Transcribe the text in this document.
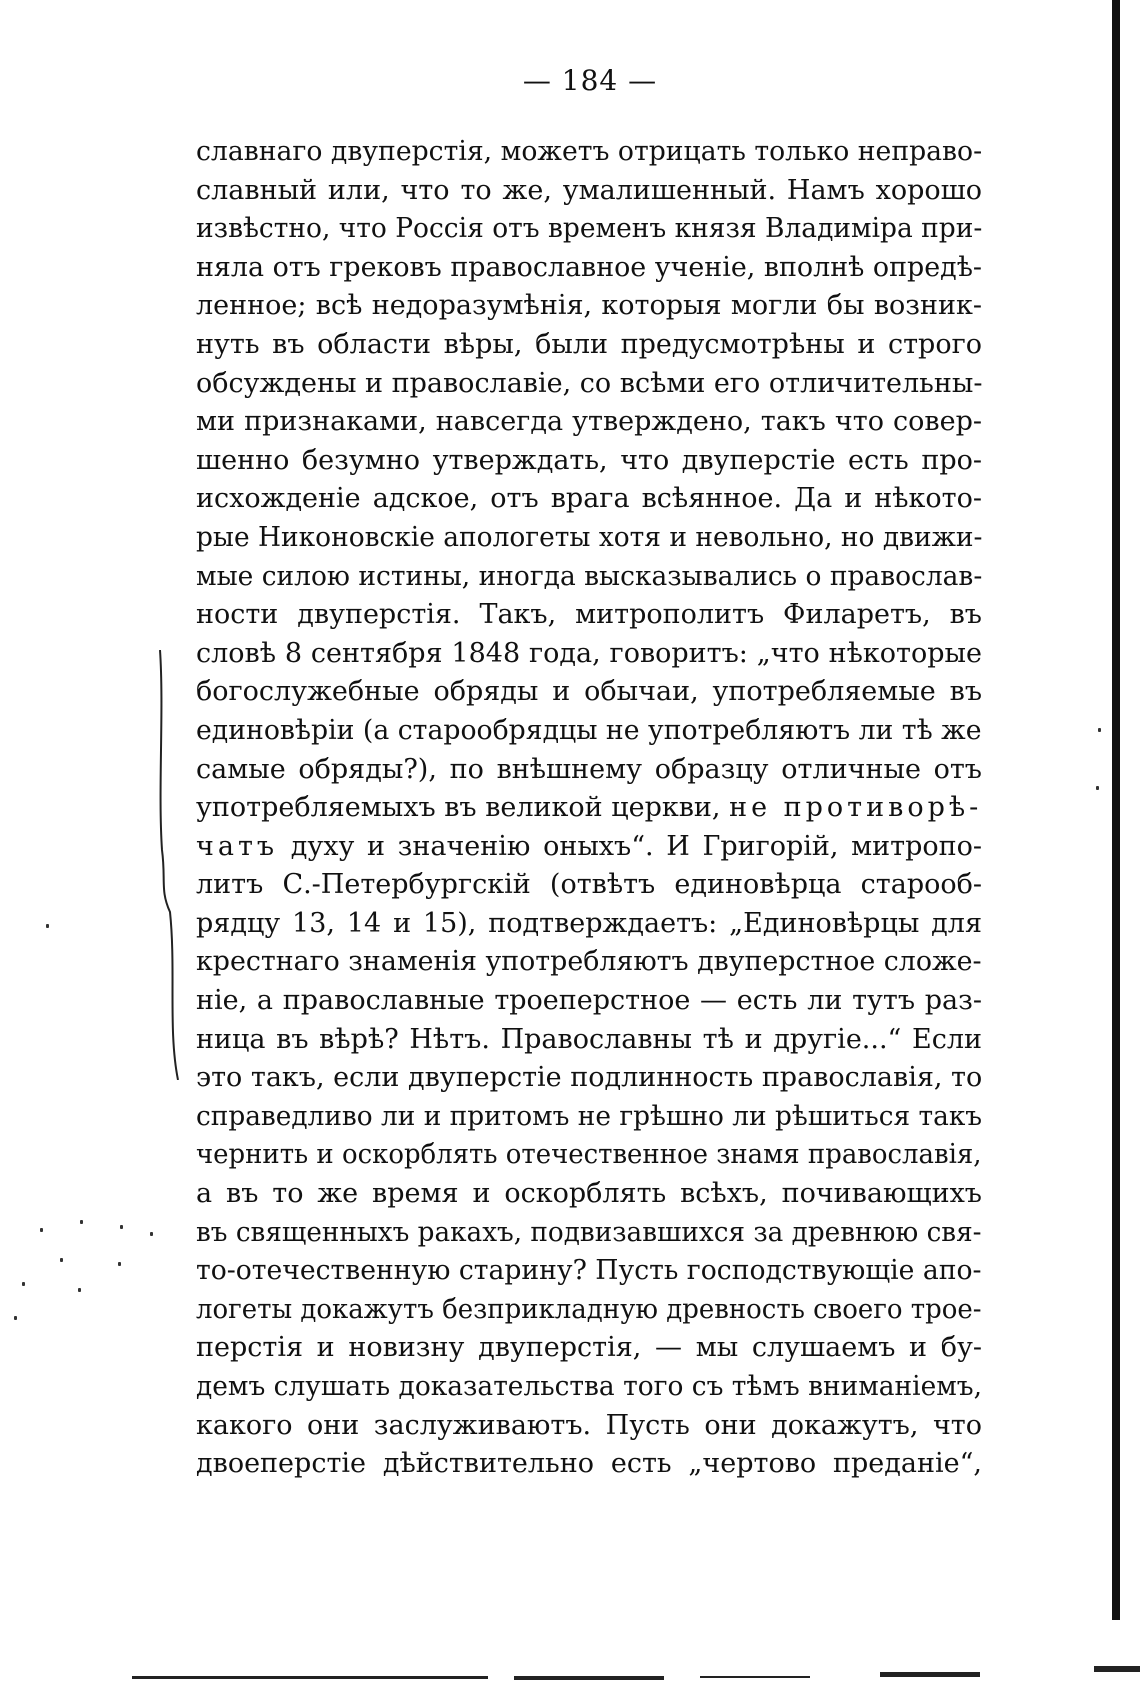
— 184 —
славнаго двуперстія, можетъ отрицать только неправо-
славный или, что то же, умалишенный. Намъ хорошо
извѣстно, что Россія отъ временъ князя Владиміра при-
няла отъ грековъ православное ученіе, вполнѣ опредѣ-
ленное; всѣ недоразумѣнія, которыя могли бы возник-
нуть въ области вѣры, были предусмотрѣны и строго
обсуждены и православіе, со всѣми его отличительны-
ми признаками, навсегда утверждено, такъ что совер-
шенно безумно утверждать, что двуперстіе есть про-
исхожденіе адское, отъ врага всѣянное. Да и нѣкото-
рые Никоновскіе апологеты хотя и невольно, но движи-
мые силою истины, иногда высказывались о православ-
ности двуперстія. Такъ, митрополитъ Филаретъ, въ
словѣ 8 сентября 1848 года, говоритъ: „что нѣкоторые
богослужебные обряды и обычаи, употребляемые въ
единовѣріи (а старообрядцы не употребляютъ ли тѣ же
самые обряды?), по внѣшнему образцу отличные отъ
употребляемыхъ въ великой церкви, не противорѣ-
чатъ духу и значенію оныхъ“. И Григорій, митропо-
литъ С.-Петербургскій (отвѣтъ единовѣрца старооб-
рядцу 13, 14 и 15), подтверждаетъ: „Единовѣрцы для
крестнаго знаменія употребляютъ двуперстное сложе-
ніе, а православные троеперстное — есть ли тутъ раз-
ница въ вѣрѣ? Нѣтъ. Православны тѣ и другіе...“ Если
это такъ, если двуперстіе подлинность православія, то
справедливо ли и притомъ не грѣшно ли рѣшиться такъ
чернить и оскорблять отечественное знамя православія,
а въ то же время и оскорблять всѣхъ, почивающихъ
въ священныхъ ракахъ, подвизавшихся за древнюю свя-
то-отечественную старину? Пусть господствующіе апо-
логеты докажутъ безприкладную древность своего трое-
перстія и новизну двуперстія, — мы слушаемъ и бу-
демъ слушать доказательства того съ тѣмъ вниманіемъ,
какого они заслуживаютъ. Пусть они докажутъ, что
двоеперстіе дѣйствительно есть „чертово преданіе“,
